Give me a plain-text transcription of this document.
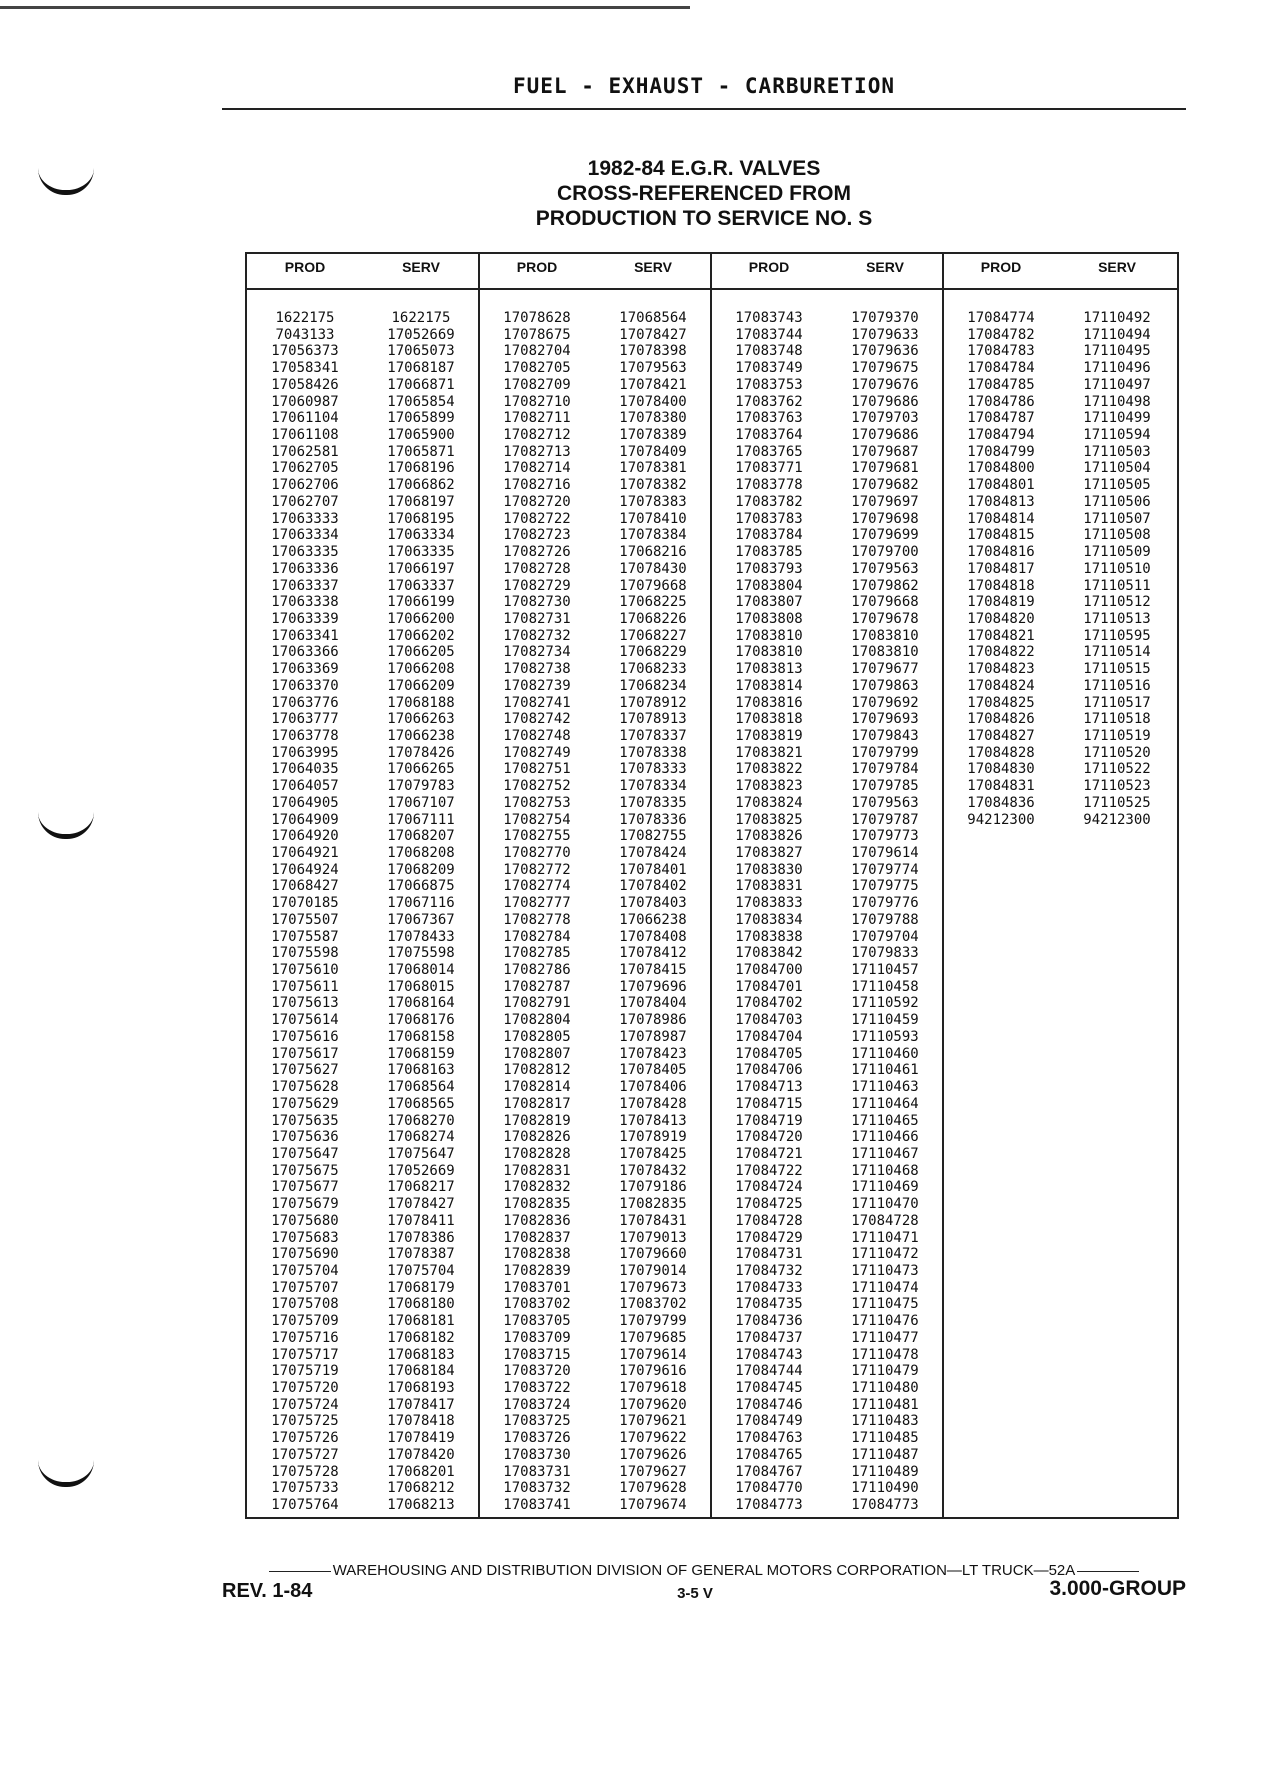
FUEL - EXHAUST - CARBURETION
1982-84 E.G.R. VALVES
CROSS-REFERENCED FROM
PRODUCTION TO SERVICE NO. S
PROD	SERV
1622175	1622175
7043133	17052669
17056373	17065073
17058341	17068187
17058426	17066871
17060987	17065854
17061104	17065899
17061108	17065900
17062581	17065871
17062705	17068196
17062706	17066862
17062707	17068197
17063333	17068195
17063334	17063334
17063335	17063335
17063336	17066197
17063337	17063337
17063338	17066199
17063339	17066200
17063341	17066202
17063366	17066205
17063369	17066208
17063370	17066209
17063776	17068188
17063777	17066263
17063778	17066238
17063995	17078426
17064035	17066265
17064057	17079783
17064905	17067107
17064909	17067111
17064920	17068207
17064921	17068208
17064924	17068209
17068427	17066875
17070185	17067116
17075507	17067367
17075587	17078433
17075598	17075598
17075610	17068014
17075611	17068015
17075613	17068164
17075614	17068176
17075616	17068158
17075617	17068159
17075627	17068163
17075628	17068564
17075629	17068565
17075635	17068270
17075636	17068274
17075647	17075647
17075675	17052669
17075677	17068217
17075679	17078427
17075680	17078411
17075683	17078386
17075690	17078387
17075704	17075704
17075707	17068179
17075708	17068180
17075709	17068181
17075716	17068182
17075717	17068183
17075719	17068184
17075720	17068193
17075724	17078417
17075725	17078418
17075726	17078419
17075727	17078420
17075728	17068201
17075733	17068212
17075764	17068213
PROD	SERV
17078628	17068564
17078675	17078427
17082704	17078398
17082705	17079563
17082709	17078421
17082710	17078400
17082711	17078380
17082712	17078389
17082713	17078409
17082714	17078381
17082716	17078382
17082720	17078383
17082722	17078410
17082723	17078384
17082726	17068216
17082728	17078430
17082729	17079668
17082730	17068225
17082731	17068226
17082732	17068227
17082734	17068229
17082738	17068233
17082739	17068234
17082741	17078912
17082742	17078913
17082748	17078337
17082749	17078338
17082751	17078333
17082752	17078334
17082753	17078335
17082754	17078336
17082755	17082755
17082770	17078424
17082772	17078401
17082774	17078402
17082777	17078403
17082778	17066238
17082784	17078408
17082785	17078412
17082786	17078415
17082787	17079696
17082791	17078404
17082804	17078986
17082805	17078987
17082807	17078423
17082812	17078405
17082814	17078406
17082817	17078428
17082819	17078413
17082826	17078919
17082828	17078425
17082831	17078432
17082832	17079186
17082835	17082835
17082836	17078431
17082837	17079013
17082838	17079660
17082839	17079014
17083701	17079673
17083702	17083702
17083705	17079799
17083709	17079685
17083715	17079614
17083720	17079616
17083722	17079618
17083724	17079620
17083725	17079621
17083726	17079622
17083730	17079626
17083731	17079627
17083732	17079628
17083741	17079674
PROD	SERV
17083743	17079370
17083744	17079633
17083748	17079636
17083749	17079675
17083753	17079676
17083762	17079686
17083763	17079703
17083764	17079686
17083765	17079687
17083771	17079681
17083778	17079682
17083782	17079697
17083783	17079698
17083784	17079699
17083785	17079700
17083793	17079563
17083804	17079862
17083807	17079668
17083808	17079678
17083810	17083810
17083810	17083810
17083813	17079677
17083814	17079863
17083816	17079692
17083818	17079693
17083819	17079843
17083821	17079799
17083822	17079784
17083823	17079785
17083824	17079563
17083825	17079787
17083826	17079773
17083827	17079614
17083830	17079774
17083831	17079775
17083833	17079776
17083834	17079788
17083838	17079704
17083842	17079833
17084700	17110457
17084701	17110458
17084702	17110592
17084703	17110459
17084704	17110593
17084705	17110460
17084706	17110461
17084713	17110463
17084715	17110464
17084719	17110465
17084720	17110466
17084721	17110467
17084722	17110468
17084724	17110469
17084725	17110470
17084728	17084728
17084729	17110471
17084731	17110472
17084732	17110473
17084733	17110474
17084735	17110475
17084736	17110476
17084737	17110477
17084743	17110478
17084744	17110479
17084745	17110480
17084746	17110481
17084749	17110483
17084763	17110485
17084765	17110487
17084767	17110489
17084770	17110490
17084773	17084773
PROD	SERV
17084774	17110492
17084782	17110494
17084783	17110495
17084784	17110496
17084785	17110497
17084786	17110498
17084787	17110499
17084794	17110594
17084799	17110503
17084800	17110504
17084801	17110505
17084813	17110506
17084814	17110507
17084815	17110508
17084816	17110509
17084817	17110510
17084818	17110511
17084819	17110512
17084820	17110513
17084821	17110595
17084822	17110514
17084823	17110515
17084824	17110516
17084825	17110517
17084826	17110518
17084827	17110519
17084828	17110520
17084830	17110522
17084831	17110523
17084836	17110525
94212300	94212300
WAREHOUSING AND DISTRIBUTION DIVISION OF GENERAL MOTORS CORPORATION—LT TRUCK—52A
REV. 1-84	3-5 V	3.000-GROUP
